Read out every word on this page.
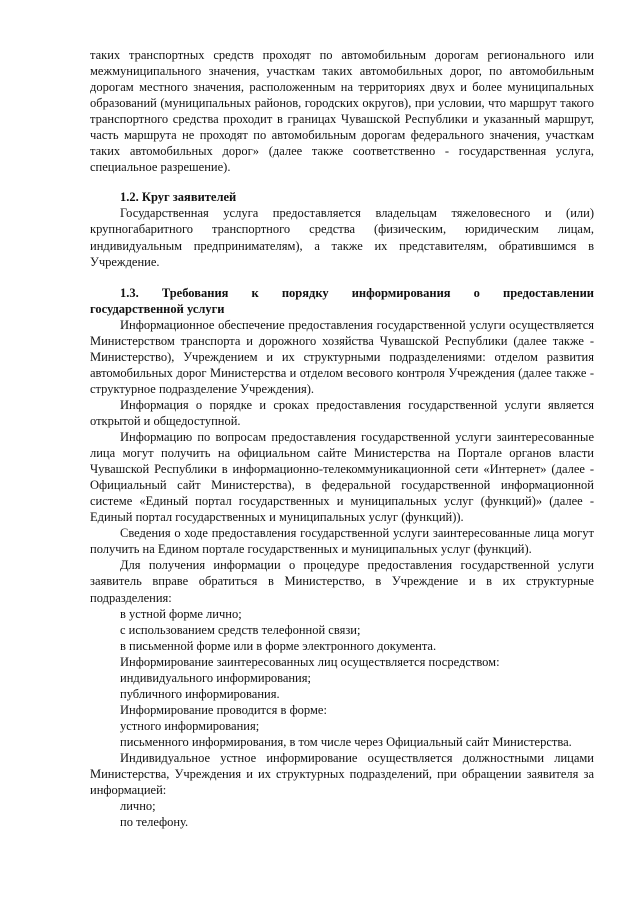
таких транспортных средств проходят по автомобильным дорогам регионального или межмуниципального значения, участкам таких автомобильных дорог, по автомобильным дорогам местного значения, расположенным на территориях двух и более муниципальных образований (муниципальных районов, городских округов), при условии, что маршрут такого транспортного средства проходит в границах Чувашской Республики и указанный маршрут, часть маршрута не проходят по автомобильным дорогам федерального значения, участкам таких автомобильных дорог» (далее также соответственно - государственная услуга, специальное разрешение).

1.2. Круг заявителей

Государственная услуга предоставляется владельцам тяжеловесного и (или) крупногабаритного транспортного средства (физическим, юридическим лицам, индивидуальным предпринимателям), а также их представителям, обратившимся в Учреждение.

1.3. Требования к порядку информирования о предоставлении

государственной услуги

Информационное обеспечение предоставления государственной услуги осуществляется Министерством транспорта и дорожного хозяйства Чувашской Республики (далее также - Министерство), Учреждением и их структурными подразделениями: отделом развития автомобильных дорог Министерства и отделом весового контроля Учреждения (далее также - структурное подразделение Учреждения).

Информация о порядке и сроках предоставления государственной услуги является открытой и общедоступной.

Информацию по вопросам предоставления государственной услуги заинтересованные лица могут получить на официальном сайте Министерства на Портале органов власти Чувашской Республики в информационно-телекоммуникационной сети «Интернет» (далее - Официальный сайт Министерства), в федеральной государственной информационной системе «Единый портал государственных и муниципальных услуг (функций)» (далее - Единый портал государственных и муниципальных услуг (функций)).

Сведения о ходе предоставления государственной услуги заинтересованные лица могут получить на Едином портале государственных и муниципальных услуг (функций).

Для получения информации о процедуре предоставления государственной услуги заявитель вправе обратиться в Министерство, в Учреждение и в их структурные подразделения:

в устной форме лично;

с использованием средств телефонной связи;

в письменной форме или в форме электронного документа.

Информирование заинтересованных лиц осуществляется посредством:

индивидуального информирования;

публичного информирования.

Информирование проводится в форме:

устного информирования;

письменного информирования, в том числе через Официальный сайт Министерства.

Индивидуальное устное информирование осуществляется должностными лицами Министерства, Учреждения и их структурных подразделений, при обращении заявителя за информацией:

лично;

по телефону.
